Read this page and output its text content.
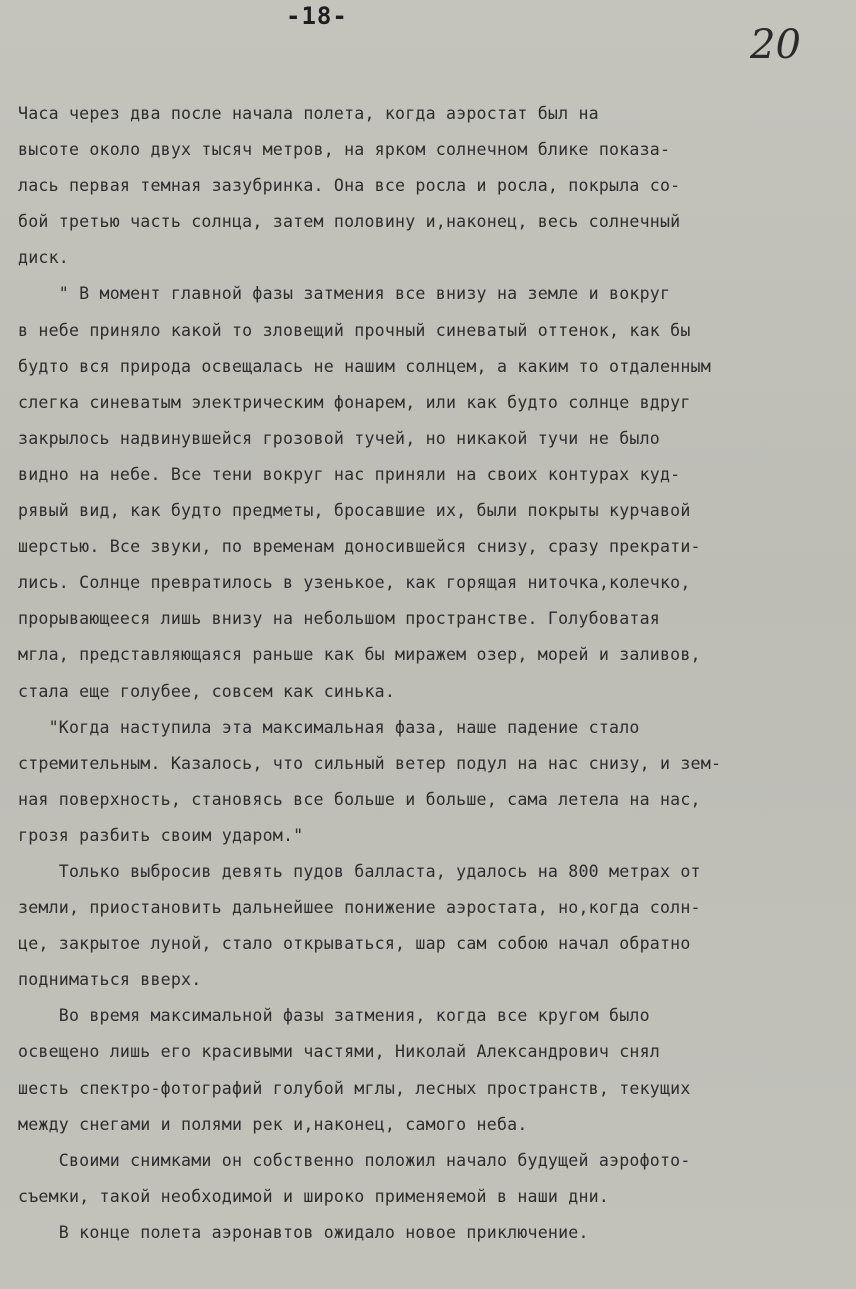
-18-
20
Часа через два после начала полета, когда аэростат был на
высоте около двух тысяч метров, на ярком солнечном блике показа-
лась первая темная зазубринка. Она все росла и росла, покрыла со-
бой третью часть солнца, затем половину и,наконец, весь солнечный
диск.
" В момент главной фазы затмения все внизу на земле и вокруг
в небе приняло какой то зловещий прочный синеватый оттенок, как бы
будто вся природа освещалась не нашим солнцем, а каким то отдаленным
слегка синеватым электрическим фонарем, или как будто солнце вдруг
закрылось надвинувшейся грозовой тучей, но никакой тучи не было
видно на небе. Все тени вокруг нас приняли на своих контурах куд-
рявый вид, как будто предметы, бросавшие их, были покрыты курчавой
шерстью. Все звуки, по временам доносившейся снизу, сразу прекрати-
лись. Солнце превратилось в узенькое, как горящая ниточка,колечко,
прорывающееся лишь внизу на небольшом пространстве. Голубоватая
мгла, представляющаяся раньше как бы миражем озер, морей и заливов,
стала еще голубее, совсем как синька.
"Когда наступила эта максимальная фаза, наше падение стало
стремительным. Казалось, что сильный ветер подул на нас снизу, и зем-
ная поверхность, становясь все больше и больше, сама летела на нас,
грозя разбить своим ударом."
Только выбросив девять пудов балласта, удалось на 800 метрах от
земли, приостановить дальнейшее понижение аэростата, но,когда солн-
це, закрытое луной, стало открываться, шар сам собою начал обратно
подниматься вверх.
Во время максимальной фазы затмения, когда все кругом было
освещено лишь его красивыми частями, Николай Александрович снял
шесть спектро-фотографий голубой мглы, лесных пространств, текущих
между снегами и полями рек и,наконец, самого неба.
Своими снимками он собственно положил начало будущей аэрофото-
съемки, такой необходимой и широко применяемой в наши дни.
В конце полета аэронавтов ожидало новое приключение.
